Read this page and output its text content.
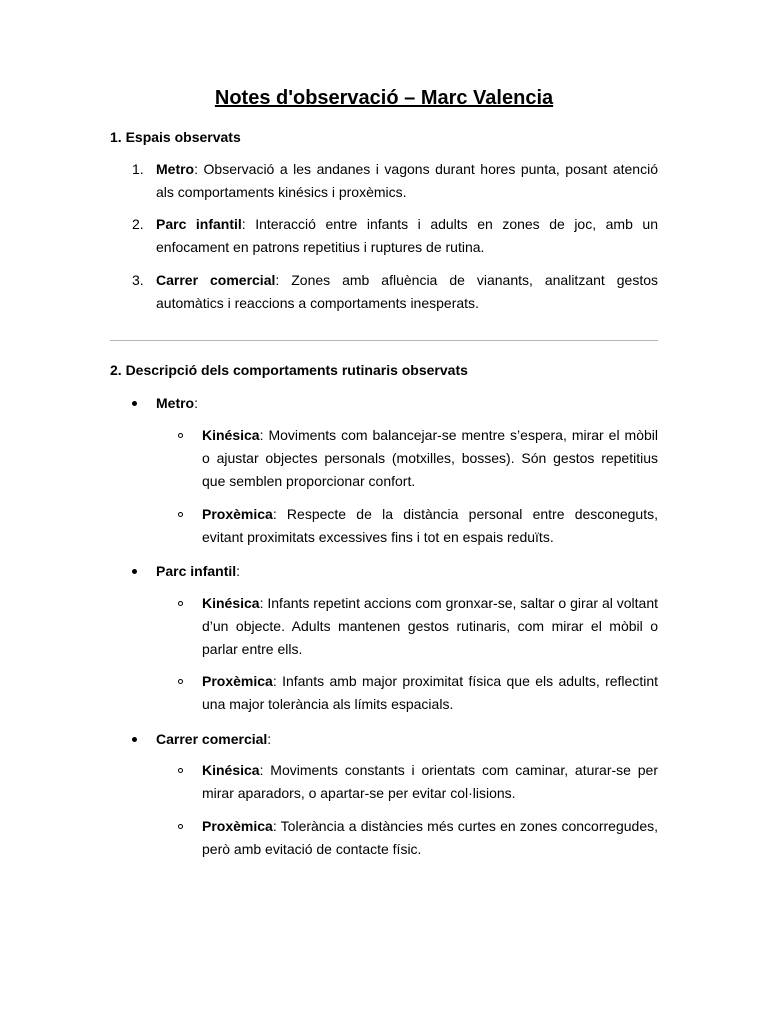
Notes d'observació – Marc Valencia
1. Espais observats
1. Metro: Observació a les andanes i vagons durant hores punta, posant atenció als comportaments kinésics i proxèmics.
2. Parc infantil: Interacció entre infants i adults en zones de joc, amb un enfocament en patrons repetitius i ruptures de rutina.
3. Carrer comercial: Zones amb afluència de vianants, analitzant gestos automàtics i reaccions a comportaments inesperats.
2. Descripció dels comportaments rutinaris observats
Metro:
Kinésica: Moviments com balancejar-se mentre s’espera, mirar el mòbil o ajustar objectes personals (motxilles, bosses). Són gestos repetitius que semblen proporcionar confort.
Proxèmica: Respecte de la distància personal entre desconeguts, evitant proximitats excessives fins i tot en espais reduïts.
Parc infantil:
Kinésica: Infants repetint accions com gronxar-se, saltar o girar al voltant d’un objecte. Adults mantenen gestos rutinaris, com mirar el mòbil o parlar entre ells.
Proxèmica: Infants amb major proximitat física que els adults, reflectint una major tolerància als límits espacials.
Carrer comercial:
Kinésica: Moviments constants i orientats com caminar, aturar-se per mirar aparadors, o apartar-se per evitar col·lisions.
Proxèmica: Tolerància a distàncies més curtes en zones concorregudes, però amb evitació de contacte físic.
